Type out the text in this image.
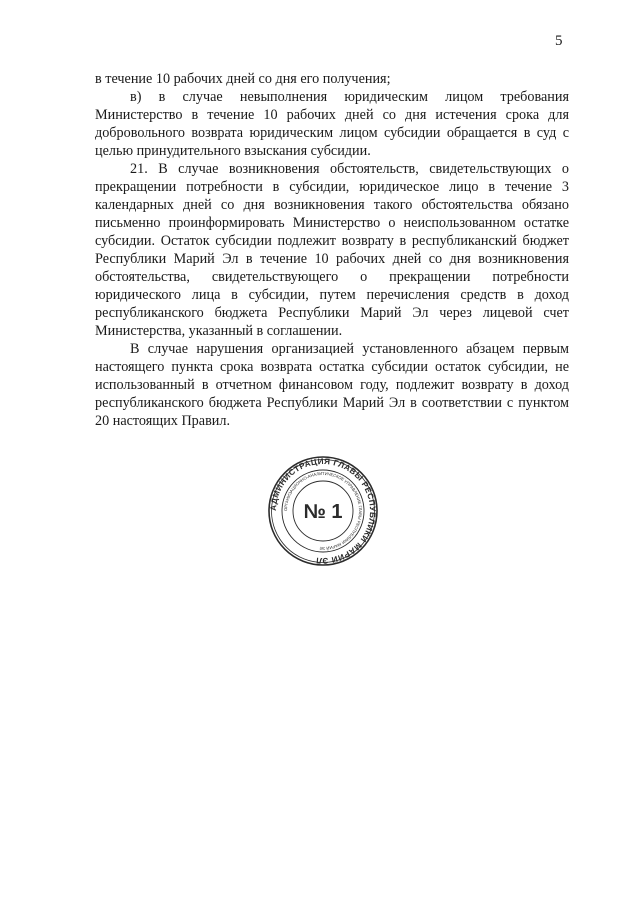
5

в течение 10 рабочих дней со дня его получения;

в) в случае невыполнения юридическим лицом требования Министерство в течение 10 рабочих дней со дня истечения срока для добровольного возврата юридическим лицом субсидии обращается в суд с целью принудительного взыскания субсидии.

21. В случае возникновения обстоятельств, свидетельствующих о прекращении потребности в субсидии, юридическое лицо в течение 3 календарных дней со дня возникновения такого обстоятельства обязано письменно проинформировать Министерство о неиспользованном остатке субсидии. Остаток субсидии подлежит возврату в республиканский бюджет Республики Марий Эл в течение 10 рабочих дней со дня возникновения обстоятельства, свидетельствующего о прекращении потребности юридического лица в субсидии, путем перечисления средств в доход республиканского бюджета Республики Марий Эл через лицевой счет Министерства, указанный в соглашении.

В случае нарушения организацией установленного абзацем первым настоящего пункта срока возврата остатка субсидии остаток субсидии, не использованный в отчетном финансовом году, подлежит возврату в доход республиканского бюджета Республики Марий Эл в соответствии с пунктом 20 настоящих Правил.

АДМИНИСТРАЦИЯ ГЛАВЫ РЕСПУБЛИКИ МАРИЙ ЭЛ
ОРГАНИЗАЦИОННО-АНАЛИТИЧЕСКОЕ УПРАВЛЕНИЕ ГЛАВЫ РЕСПУБЛИКИ МАРИЙ ЭЛ
№ 1
